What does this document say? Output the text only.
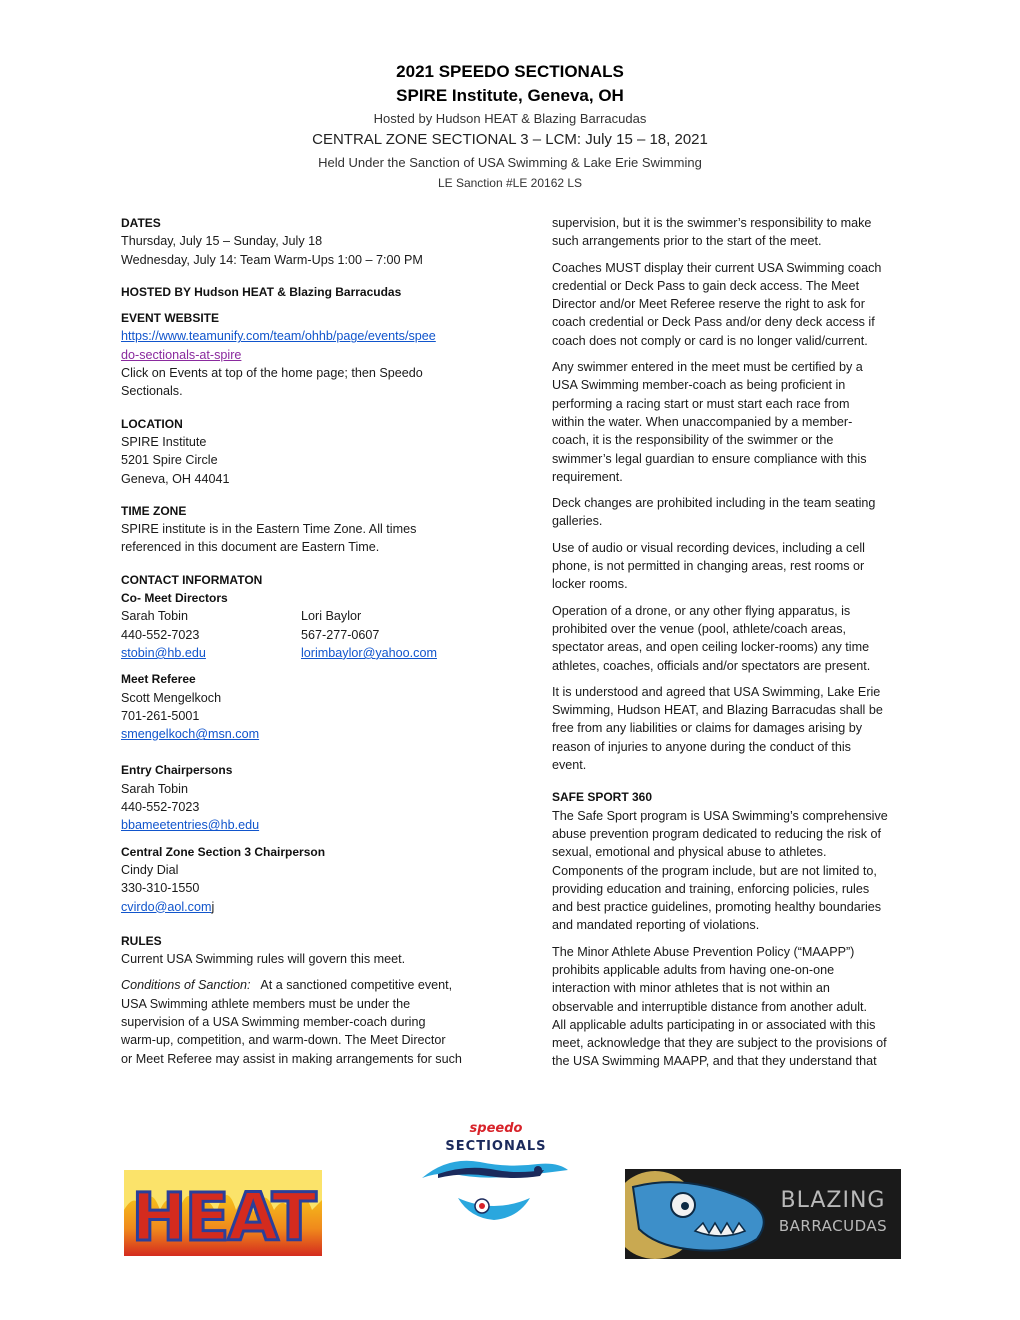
2021 SPEEDO SECTIONALS
SPIRE Institute, Geneva, OH
Hosted by Hudson HEAT & Blazing Barracudas
CENTRAL ZONE SECTIONAL 3 – LCM: July 15 – 18, 2021
Held Under the Sanction of USA Swimming & Lake Erie Swimming
LE Sanction #LE 20162 LS

DATES

Thursday, July 15 – Sunday, July 18

Wednesday, July 14: Team Warm-Ups 1:00 – 7:00 PM

HOSTED BY Hudson HEAT & Blazing Barracudas

EVENT WEBSITE

https://www.teamunify.com/team/ohhb/page/events/spee

do-sectionals-at-spire

Click on Events at top of the home page; then Speedo

Sectionals.

LOCATION

SPIRE Institute

5201 Spire Circle

Geneva, OH 44041

TIME ZONE

SPIRE institute is in the Eastern Time Zone. All times

referenced in this document are Eastern Time.

CONTACT INFORMATON

Co- Meet Directors

Sarah Tobin	Lori Baylor

440-552-7023	567-277-0607

stobin@hb.edu	lorimbaylor@yahoo.com

Meet Referee

Scott Mengelkoch

701-261-5001

smengelkoch@msn.com

Entry Chairpersons

Sarah Tobin

440-552-7023

bbameetentries@hb.edu

Central Zone Section 3 Chairperson

Cindy Dial

330-310-1550

cvirdo@aol.comj

RULES

Current USA Swimming rules will govern this meet.

Conditions of Sanction:   At a sanctioned competitive event,

USA Swimming athlete members must be under the

supervision of a USA Swimming member-coach during

warm-up, competition, and warm-down. The Meet Director

or Meet Referee may assist in making arrangements for such

supervision, but it is the swimmer’s responsibility to make

such arrangements prior to the start of the meet.

Coaches MUST display their current USA Swimming coach

credential or Deck Pass to gain deck access. The Meet

Director and/or Meet Referee reserve the right to ask for

coach credential or Deck Pass and/or deny deck access if

coach does not comply or card is no longer valid/current.

Any swimmer entered in the meet must be certified by a

USA Swimming member-coach as being proficient in

performing a racing start or must start each race from

within the water. When unaccompanied by a member-

coach, it is the responsibility of the swimmer or the

swimmer’s legal guardian to ensure compliance with this

requirement.

Deck changes are prohibited including in the team seating

galleries.

Use of audio or visual recording devices, including a cell

phone, is not permitted in changing areas, rest rooms or

locker rooms.

Operation of a drone, or any other flying apparatus, is

prohibited over the venue (pool, athlete/coach areas,

spectator areas, and open ceiling locker-rooms) any time

athletes, coaches, officials and/or spectators are present.

It is understood and agreed that USA Swimming, Lake Erie

Swimming, Hudson HEAT, and Blazing Barracudas shall be

free from any liabilities or claims for damages arising by

reason of injuries to anyone during the conduct of this

event.

SAFE SPORT 360

The Safe Sport program is USA Swimming’s comprehensive

abuse prevention program dedicated to reducing the risk of

sexual, emotional and physical abuse to athletes.

Components of the program include, but are not limited to,

providing education and training, enforcing policies, rules

and best practice guidelines, promoting healthy boundaries

and mandated reporting of violations.

The Minor Athlete Abuse Prevention Policy (“MAAPP”)

prohibits applicable adults from having one-on-one

interaction with minor athletes that is not within an

observable and interruptible distance from another adult.

All applicable adults participating in or associated with this

meet, acknowledge that they are subject to the provisions of

the USA Swimming MAAPP, and that they understand that

HEAT
speedo
SECTIONALS
BLAZING
BARRACUDAS
